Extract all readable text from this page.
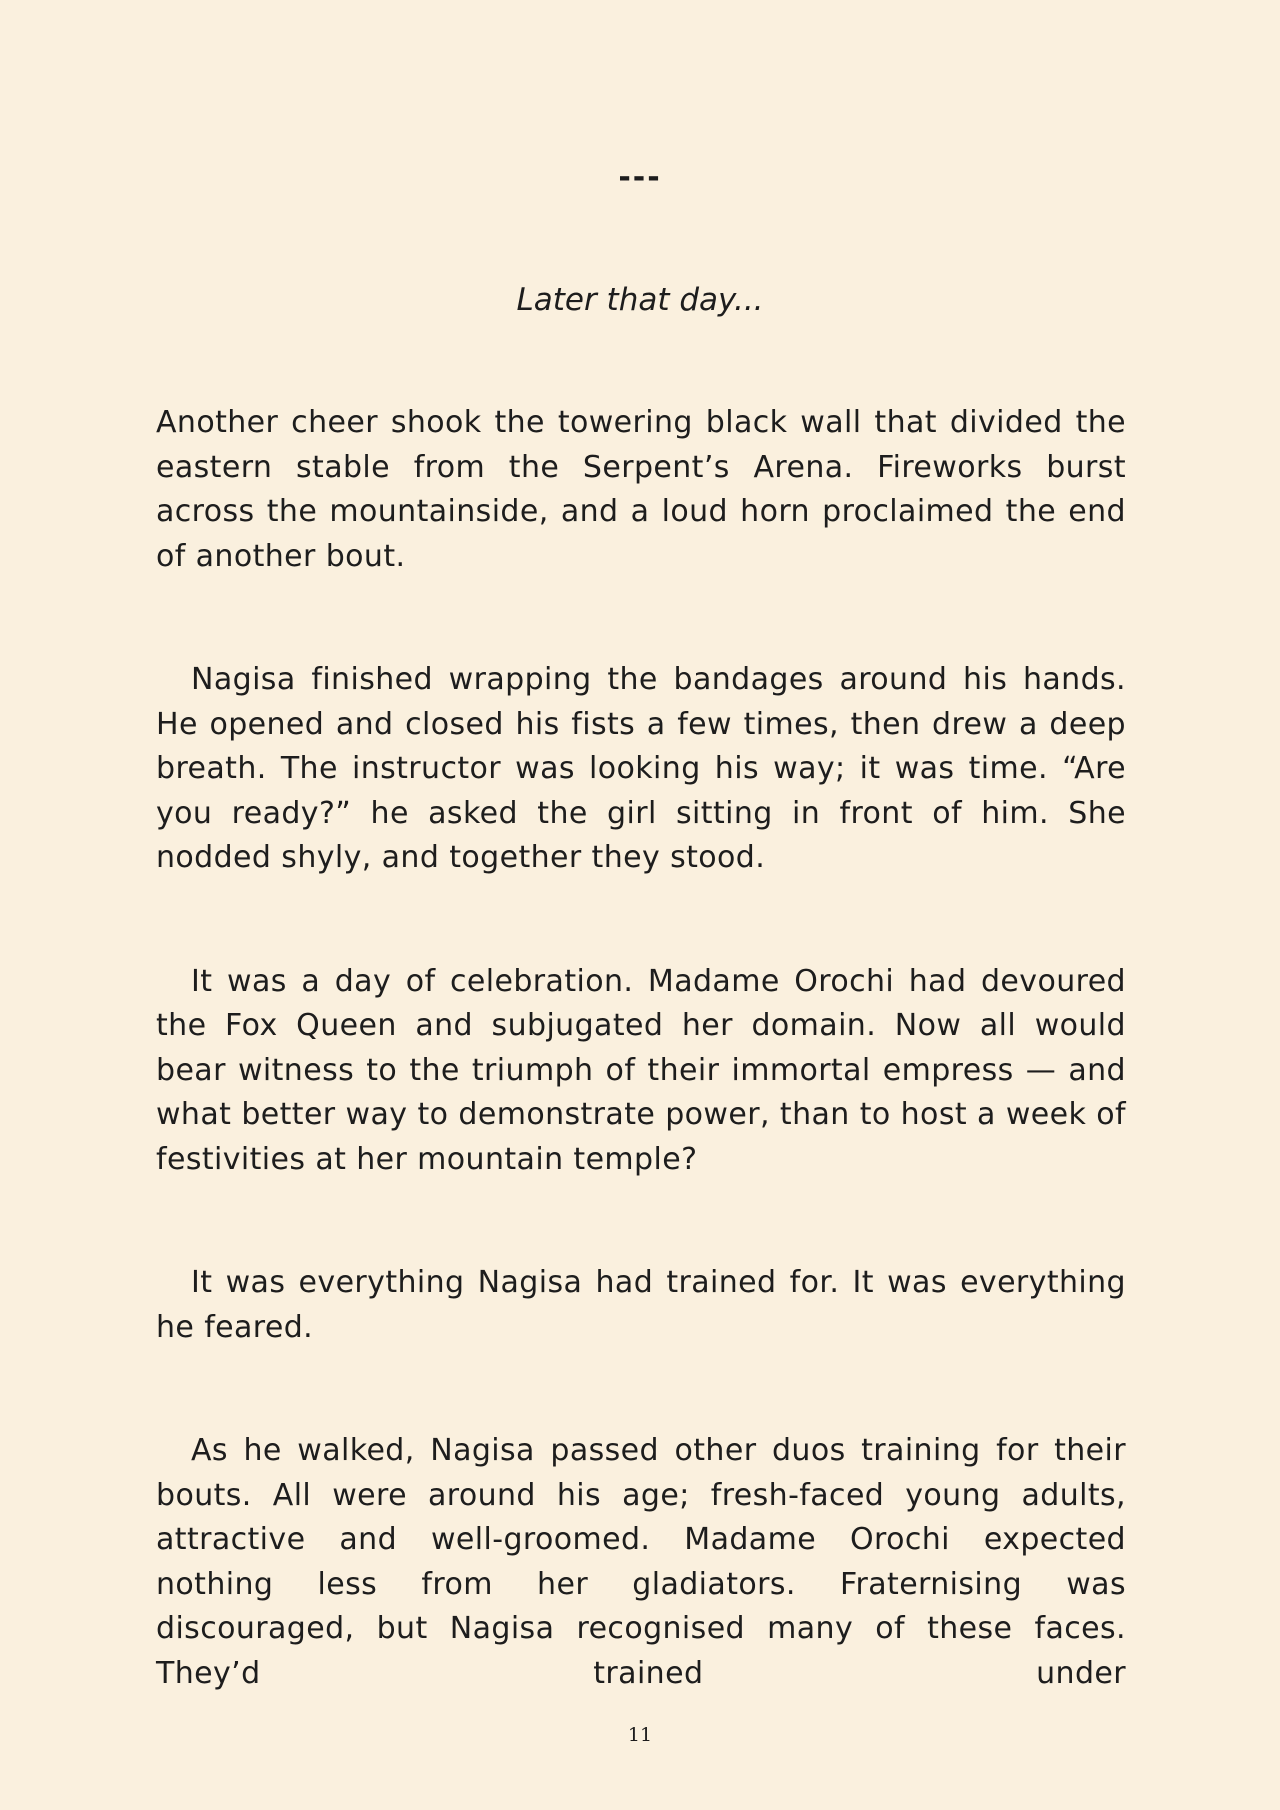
---
Later that day...

Another cheer shook the towering black wall that divided the eastern stable from the Serpent’s Arena. Fireworks burst across the mountainside, and a loud horn proclaimed the end of another bout.

Nagisa finished wrapping the bandages around his hands. He opened and closed his fists a few times, then drew a deep breath. The instructor was looking his way; it was time. “Are you ready?” he asked the girl sitting in front of him. She nodded shyly, and together they stood.

It was a day of celebration. Madame Orochi had devoured the Fox Queen and subjugated her domain. Now all would bear witness to the triumph of their immortal empress — and what better way to demonstrate power, than to host a week of festivities at her mountain temple?

It was everything Nagisa had trained for. It was everything he feared.

As he walked, Nagisa passed other duos training for their bouts. All were around his age; fresh-faced young adults, attractive and well-groomed. Madame Orochi expected nothing less from her gladiators. Fraternising was discouraged, but Nagisa recognised many of these faces. They’d trained under

11
